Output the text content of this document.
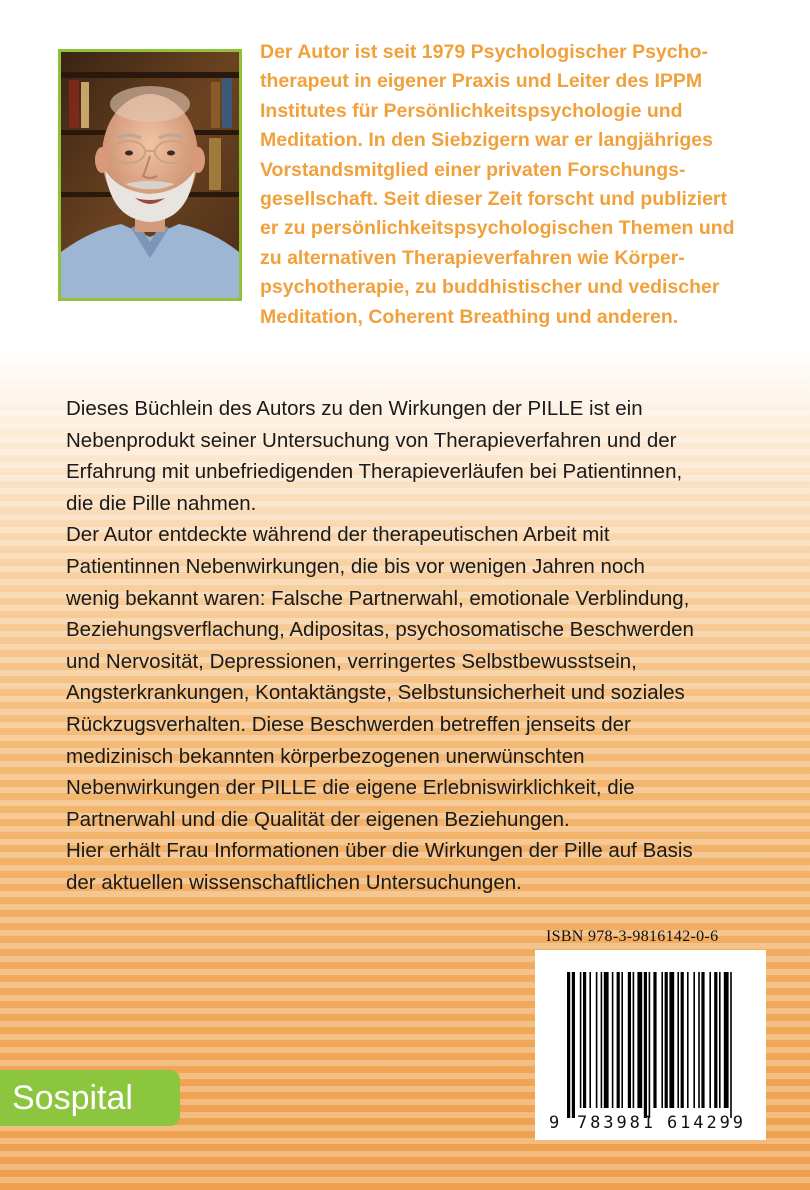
Der Autor ist seit 1979 Psychologischer Psycho-
therapeut in eigener Praxis und Leiter des IPPM
Institutes für Persönlichkeitspsychologie und
Meditation. In den Siebzigern war er langjähriges
Vorstandsmitglied einer privaten Forschungs-
gesellschaft. Seit dieser Zeit forscht und publiziert
er zu persönlichkeitspsychologischen Themen und
zu alternativen Therapieverfahren wie Körper-
psychotherapie, zu buddhistischer und vedischer
Meditation, Coherent Breathing und anderen.

Dieses Büchlein des Autors zu den Wirkungen der PILLE ist ein
Nebenprodukt seiner Untersuchung von Therapieverfahren und der
Erfahrung mit unbefriedigenden Therapieverläufen bei Patientinnen,
die die Pille nahmen.
Der Autor entdeckte während der therapeutischen Arbeit mit
Patientinnen Nebenwirkungen, die bis vor wenigen Jahren noch
wenig bekannt waren: Falsche Partnerwahl, emotionale Verblindung,
Beziehungsverflachung, Adipositas, psychosomatische Beschwerden
und Nervosität, Depressionen, verringertes Selbstbewusstsein,
Angsterkrankungen, Kontaktängste, Selbstunsicherheit und soziales
Rückzugsverhalten. Diese Beschwerden betreffen jenseits der
medizinisch bekannten körperbezogenen unerwünschten
Nebenwirkungen der PILLE die eigene Erlebniswirklichkeit, die
Partnerwahl und die Qualität der eigenen Beziehungen.
Hier erhält Frau Informationen über die Wirkungen der Pille auf Basis
der aktuellen wissenschaftlichen Untersuchungen.

ISBN 978-3-9816142-0-6
9 783981 614299
Sospital
